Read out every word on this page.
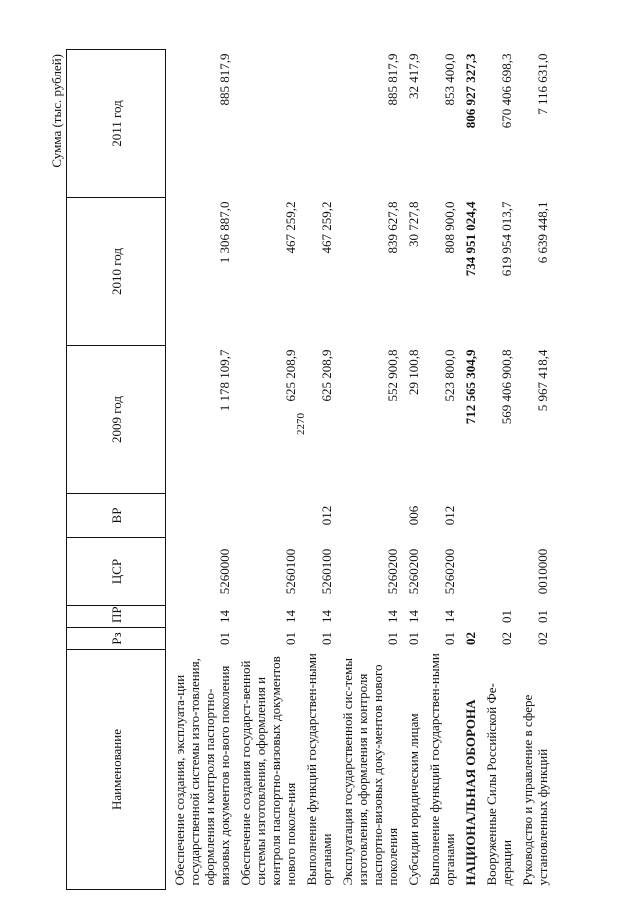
2270
Сумма (тыс. рублей)
Наименование	Рз	ПР	ЦСР	ВР	2009 год	2010 год	2011 год
Обеспечение создания, эксплуата-ции государственной системы изго-товления, оформления и контроля паспортно-визовых документов но-вого поколения	01	14	5260000		1 178 109,7	1 306 887,0	885 817,9
Обеспечение создания государст-венной системы изготовления, оформления и контроля паспортно-визовых документов нового поколе-ния	01	14	5260100		625 208,9	467 259,2	
Выполнение функций государствен-ными органами	01	14	5260100	012	625 208,9	467 259,2	
Эксплуатация государственной сис-темы изготовления, оформления и контроля паспортно-визовых доку-ментов нового поколения	01	14	5260200		552 900,8	839 627,8	885 817,9
Субсидии юридическим лицам	01	14	5260200	006	29 100,8	30 727,8	32 417,9
Выполнение функций государствен-ными органами	01	14	5260200	012	523 800,0	808 900,0	853 400,0
НАЦИОНАЛЬНАЯ ОБОРОНА	02				712 565 304,9	734 951 024,4	806 927 327,3
Вооруженные Силы Российской Фе-дерации	02	01			569 406 900,8	619 954 013,7	670 406 698,3
Руководство и управление в сфере установленных функций	02	01	0010000		5 967 418,4	6 639 448,1	7 116 631,0
